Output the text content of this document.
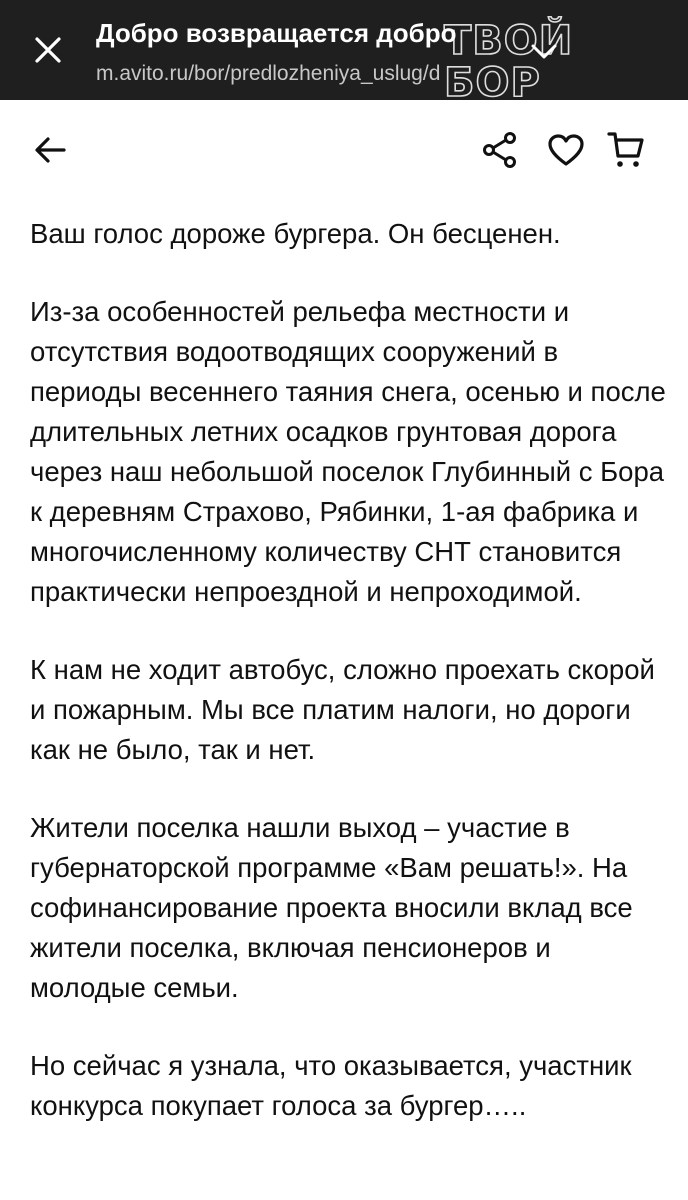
Добро возвращается добро
m.avito.ru/bor/predlozheniya_uslug/d
ТВОЙ БОР
– www.tvoy-bor.ru –

Ваш голос дороже бургера. Он бесценен.

Из-за особенностей рельефа местности и отсутствия водоотводящих сооружений в периоды весеннего таяния снега, осенью и после длительных летних осадков грунтовая дорога через наш небольшой поселок Глубинный с Бора к деревням Страхово, Рябинки, 1-ая фабрика и многочисленному количеству СНТ становится практически непроездной и непроходимой.

К нам не ходит автобус, сложно проехать скорой и пожарным. Мы все платим налоги, но дороги как не было, так и нет.

Жители поселка нашли выход – участие в губернаторской программе «Вам решать!». На софинансирование проекта вносили вклад все жители поселка, включая пенсионеров и молодые семьи.

Но сейчас я узнала, что оказывается, участник конкурса покупает голоса за бургер…..
